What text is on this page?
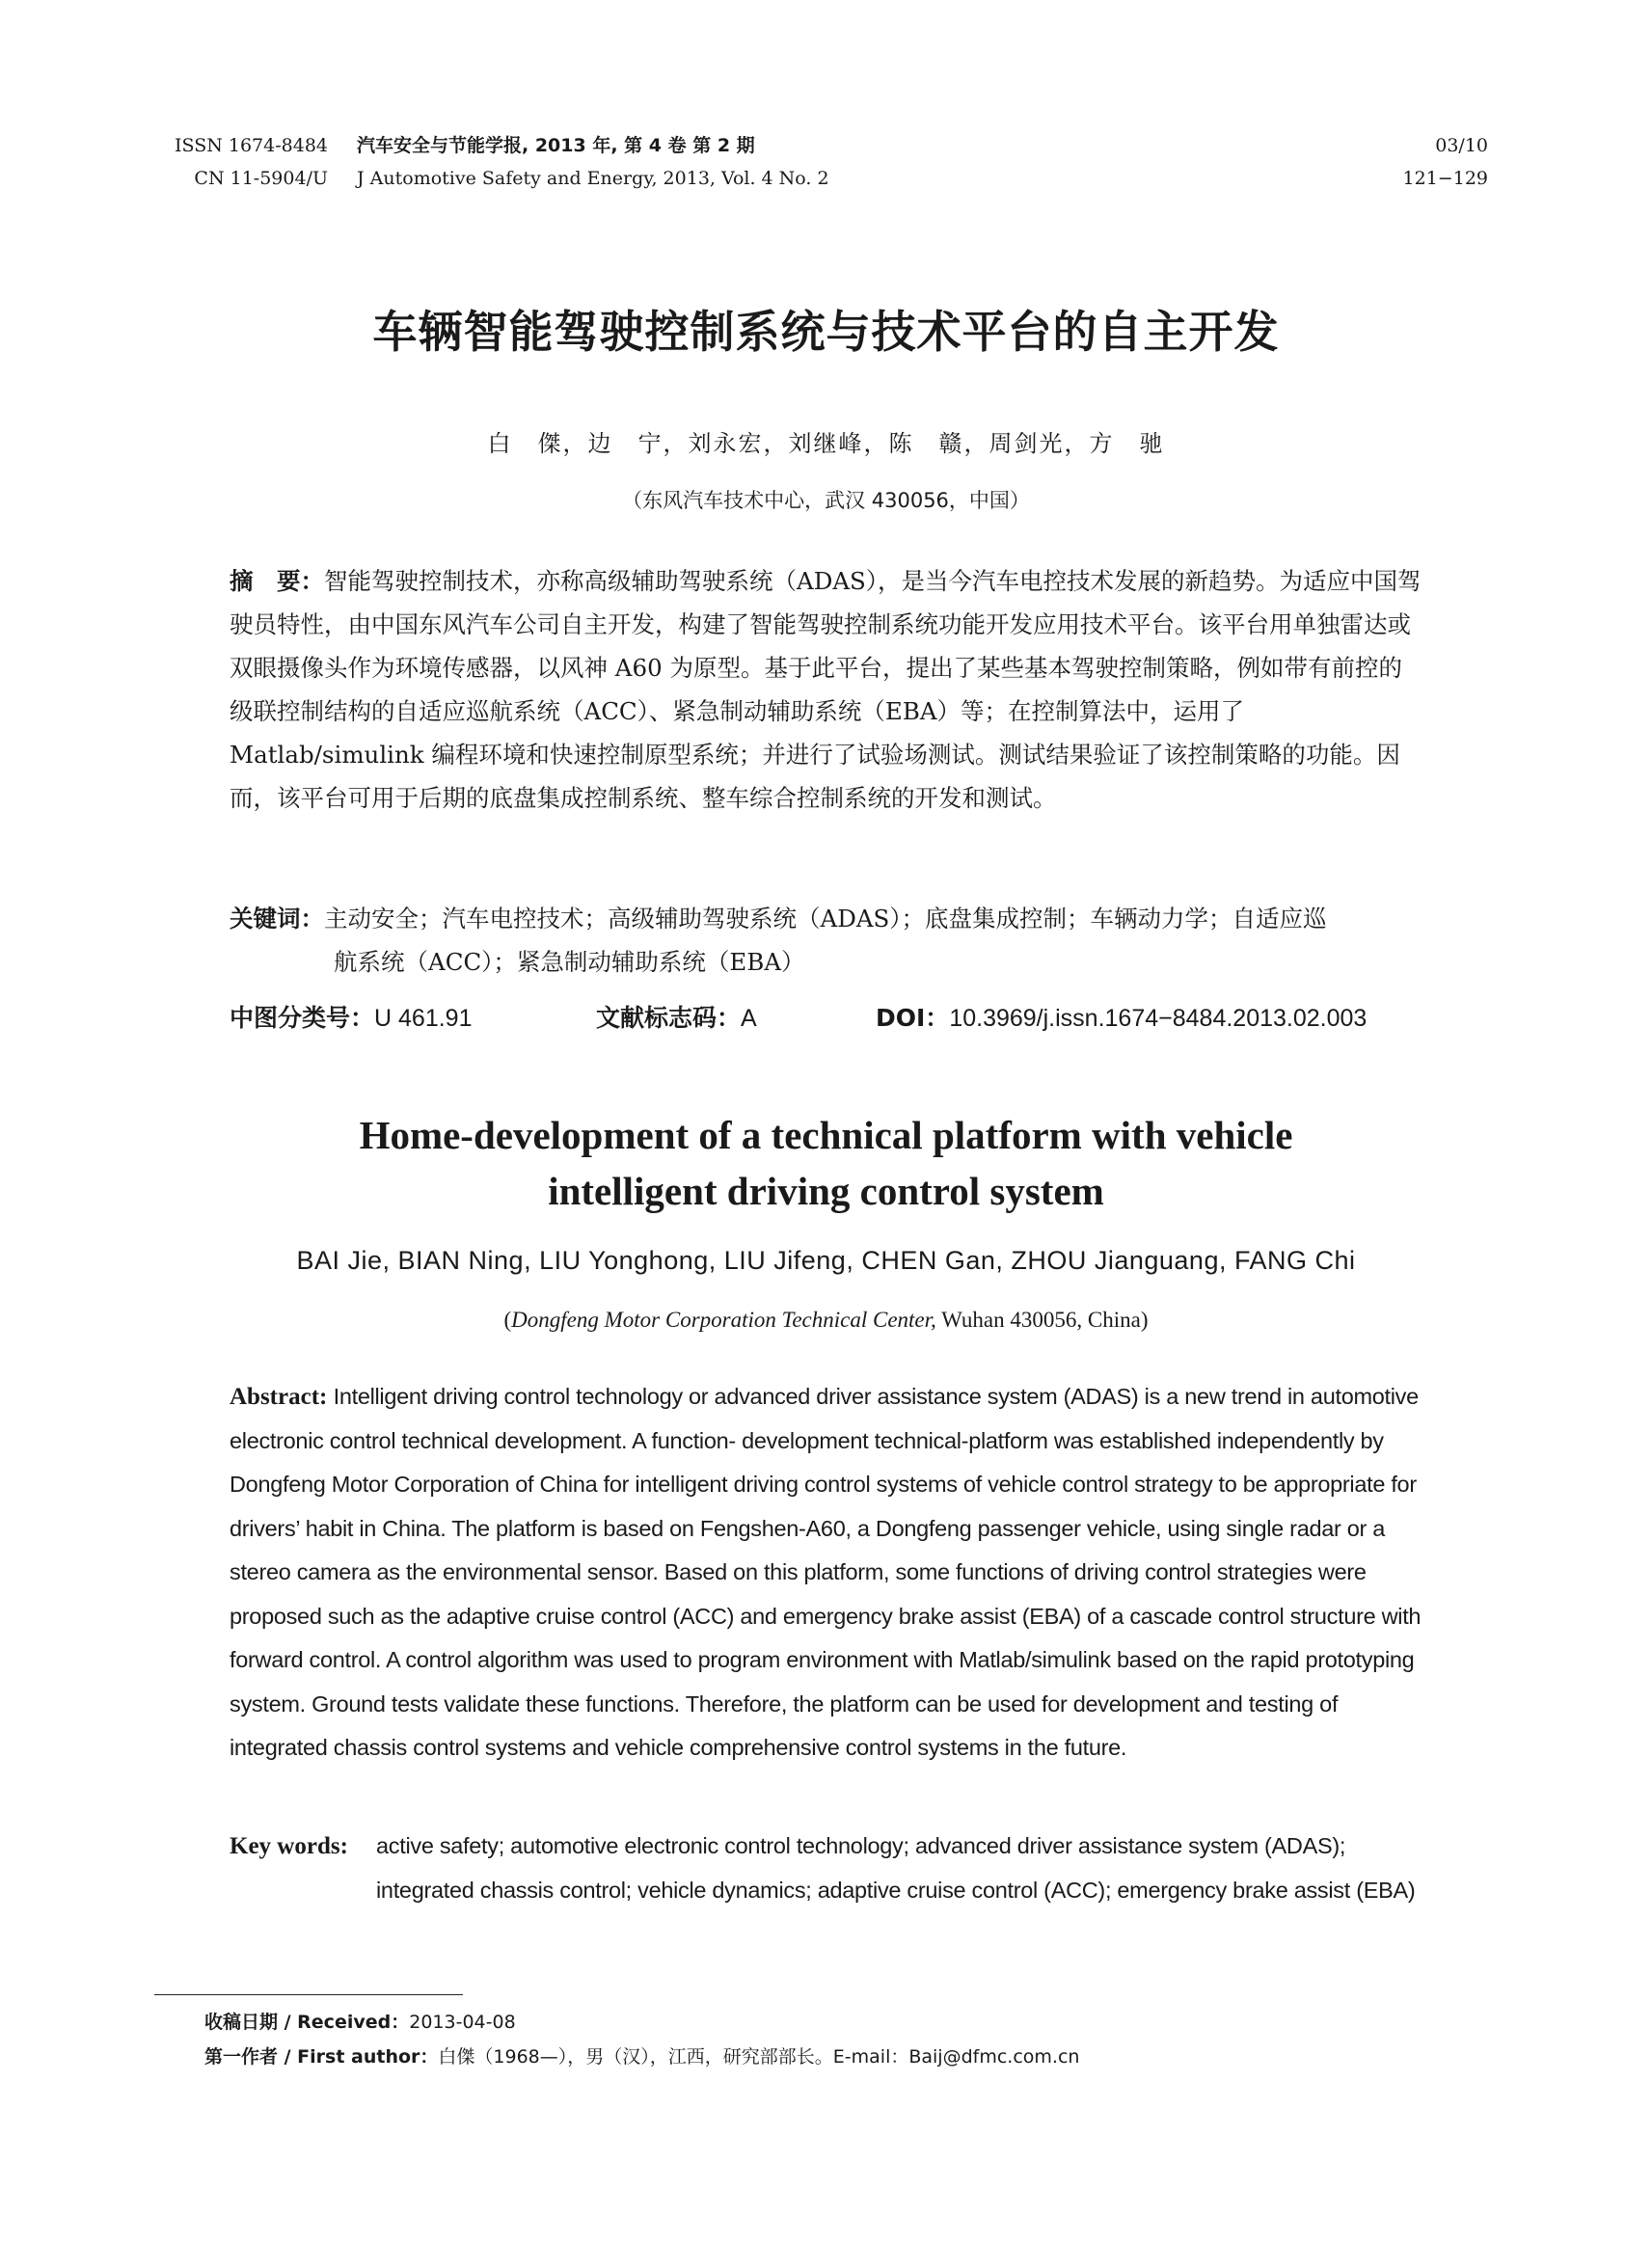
ISSN 1674-8484
CN 11-5904/U
汽车安全与节能学报, 2013 年, 第 4 卷 第 2 期
J Automotive Safety and Energy, 2013, Vol. 4 No. 2
03/10
121−129
车辆智能驾驶控制系统与技术平台的自主开发
白　傑，边　宁，刘永宏，刘继峰，陈　赣，周剑光，方　驰
（东风汽车技术中心，武汉 430056，中国）
摘　要：智能驾驶控制技术，亦称高级辅助驾驶系统（ADAS），是当今汽车电控技术发展的新趋势。为适应中国驾驶员特性，由中国东风汽车公司自主开发，构建了智能驾驶控制系统功能开发应用技术平台。该平台用单独雷达或双眼摄像头作为环境传感器，以风神 A60 为原型。基于此平台，提出了某些基本驾驶控制策略，例如带有前控的级联控制结构的自适应巡航系统（ACC）、紧急制动辅助系统（EBA）等；在控制算法中，运用了 Matlab/simulink 编程环境和快速控制原型系统；并进行了试验场测试。测试结果验证了该控制策略的功能。因而，该平台可用于后期的底盘集成控制系统、整车综合控制系统的开发和测试。
关键词：主动安全；汽车电控技术；高级辅助驾驶系统（ADAS）；底盘集成控制；车辆动力学；自适应巡
航系统（ACC）；紧急制动辅助系统（EBA）
中图分类号：U 461.91	文献标志码：A	DOI：10.3969/j.issn.1674−8484.2013.02.003
Home-development of a technical platform with vehicle
intelligent driving control system
BAI Jie, BIAN Ning, LIU Yonghong, LIU Jifeng, CHEN Gan, ZHOU Jianguang, FANG Chi
(Dongfeng Motor Corporation Technical Center, Wuhan 430056, China)
Abstract: Intelligent driving control technology or advanced driver assistance system (ADAS) is a new trend in automotive electronic control technical development. A function- development technical-platform was established independently by Dongfeng Motor Corporation of China for intelligent driving control systems of vehicle control strategy to be appropriate for drivers’ habit in China. The platform is based on Fengshen-A60, a Dongfeng passenger vehicle, using single radar or a stereo camera as the environmental sensor. Based on this platform, some functions of driving control strategies were proposed such as the adaptive cruise control (ACC) and emergency brake assist (EBA) of a cascade control structure with forward control. A control algorithm was used to program environment with Matlab/simulink based on the rapid prototyping system. Ground tests validate these functions. Therefore, the platform can be used for development and testing of integrated chassis control systems and vehicle comprehensive control systems in the future.
Key words:	active safety; automotive electronic control technology; advanced driver assistance system (ADAS); integrated chassis control; vehicle dynamics; adaptive cruise control (ACC); emergency brake assist (EBA)
收稿日期 / Received：2013-04-08
第一作者 / First author：白傑（1968—），男（汉），江西，研究部部长。E-mail：Baij@dfmc.com.cn
